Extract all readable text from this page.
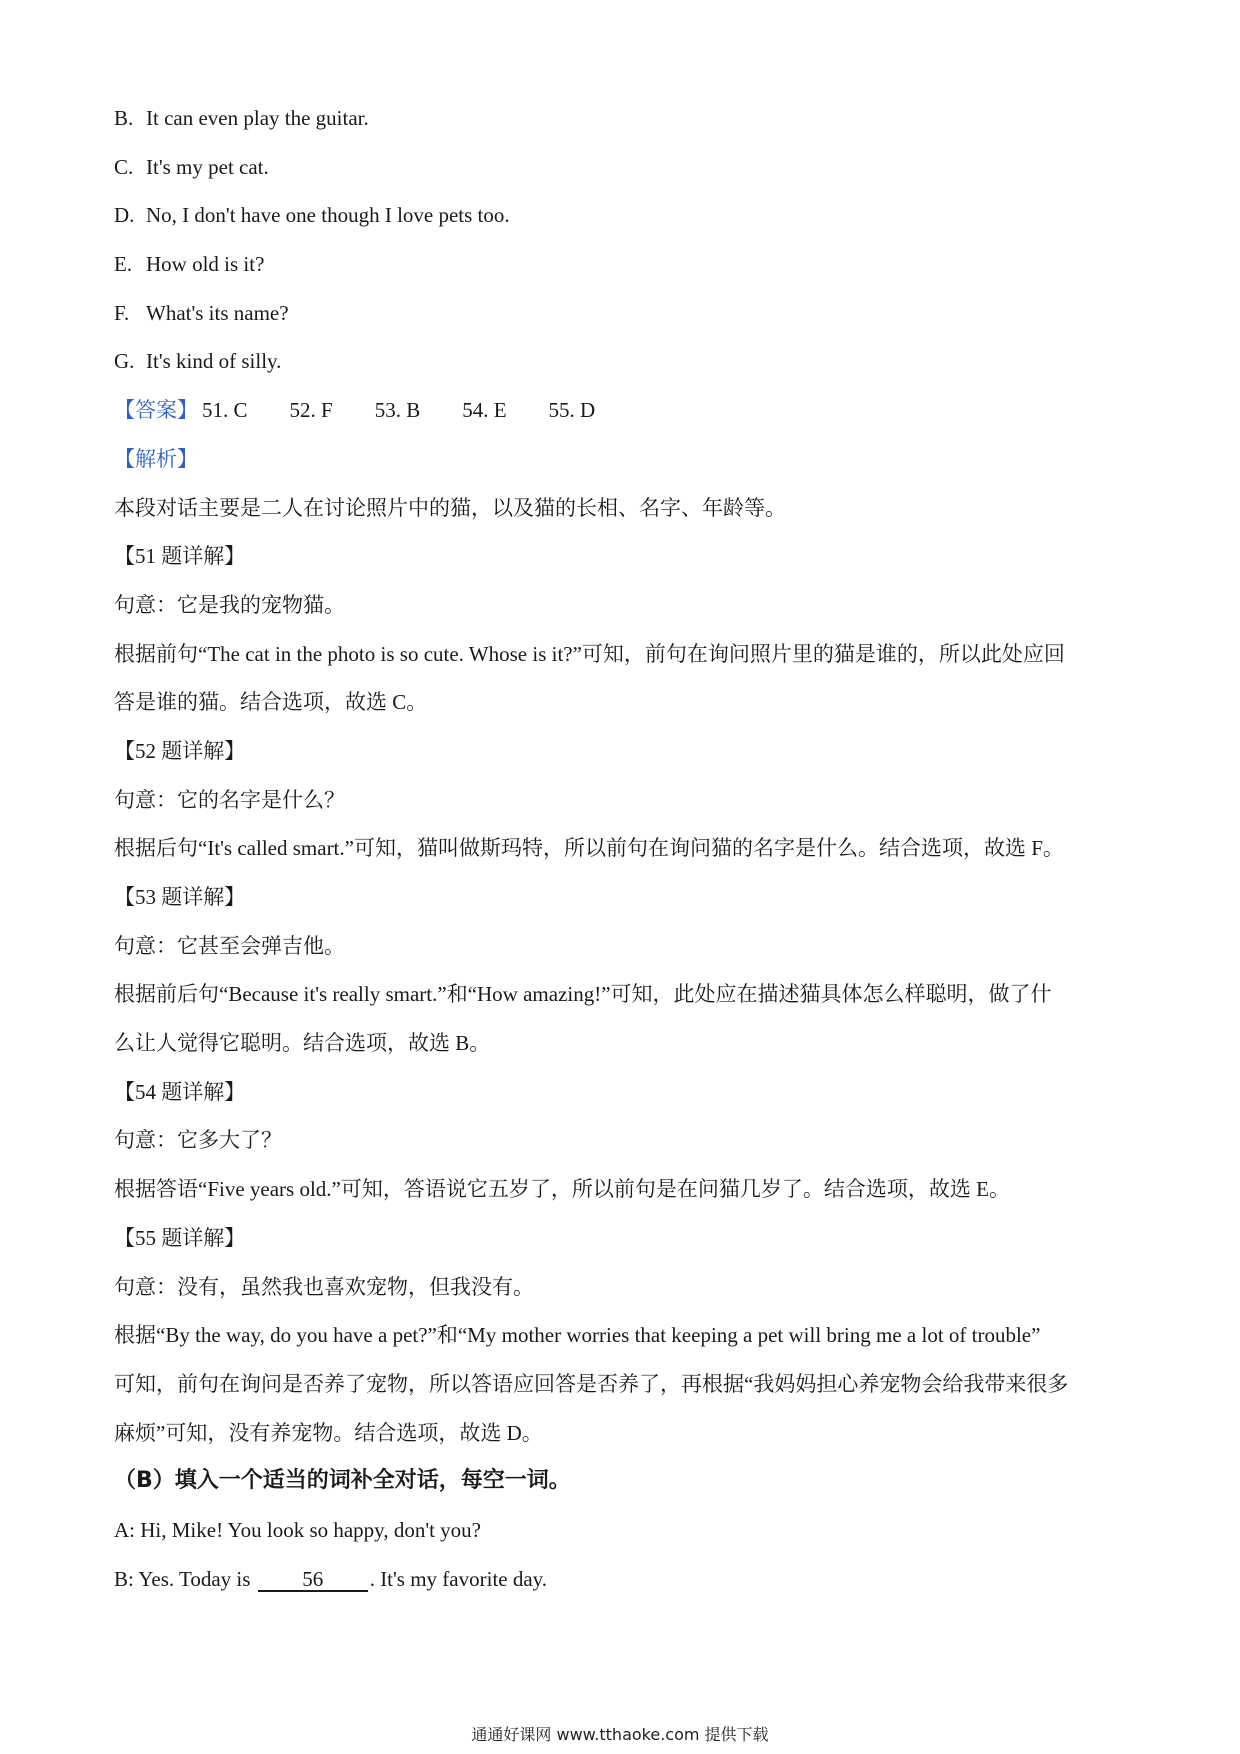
B. It can even play the guitar.
C. It's my pet cat.
D. No, I don't have one though I love pets too.
E. How old is it?
F. What's its name?
G. It's kind of silly.
【答案】 51. C 52. F 53. B 54. E 55. D
【解析】
本段对话主要是二人在讨论照片中的猫，以及猫的长相、名字、年龄等。
【51 题详解】
句意：它是我的宠物猫。
根据前句“The cat in the photo is so cute. Whose is it?”可知，前句在询问照片里的猫是谁的，所以此处应回
答是谁的猫。结合选项，故选 C。
【52 题详解】
句意：它的名字是什么？
根据后句“It's called smart.”可知，猫叫做斯玛特，所以前句在询问猫的名字是什么。结合选项，故选 F。
【53 题详解】
句意：它甚至会弹吉他。
根据前后句“Because it's really smart.”和“How amazing!”可知，此处应在描述猫具体怎么样聪明，做了什
么让人觉得它聪明。结合选项，故选 B。
【54 题详解】
句意：它多大了？
根据答语“Five years old.”可知，答语说它五岁了，所以前句是在问猫几岁了。结合选项，故选 E。
【55 题详解】
句意：没有，虽然我也喜欢宠物，但我没有。
根据“By the way, do you have a pet?”和“My mother worries that keeping a pet will bring me a lot of trouble”
可知，前句在询问是否养了宠物，所以答语应回答是否养了，再根据“我妈妈担心养宠物会给我带来很多
麻烦”可知，没有养宠物。结合选项，故选 D。
（B）填入一个适当的词补全对话，每空一词。
A: Hi, Mike! You look so happy, don't you?
B: Yes. Today is 56 . It's my favorite day.
通通好课网 www.tthaoke.com 提供下载
